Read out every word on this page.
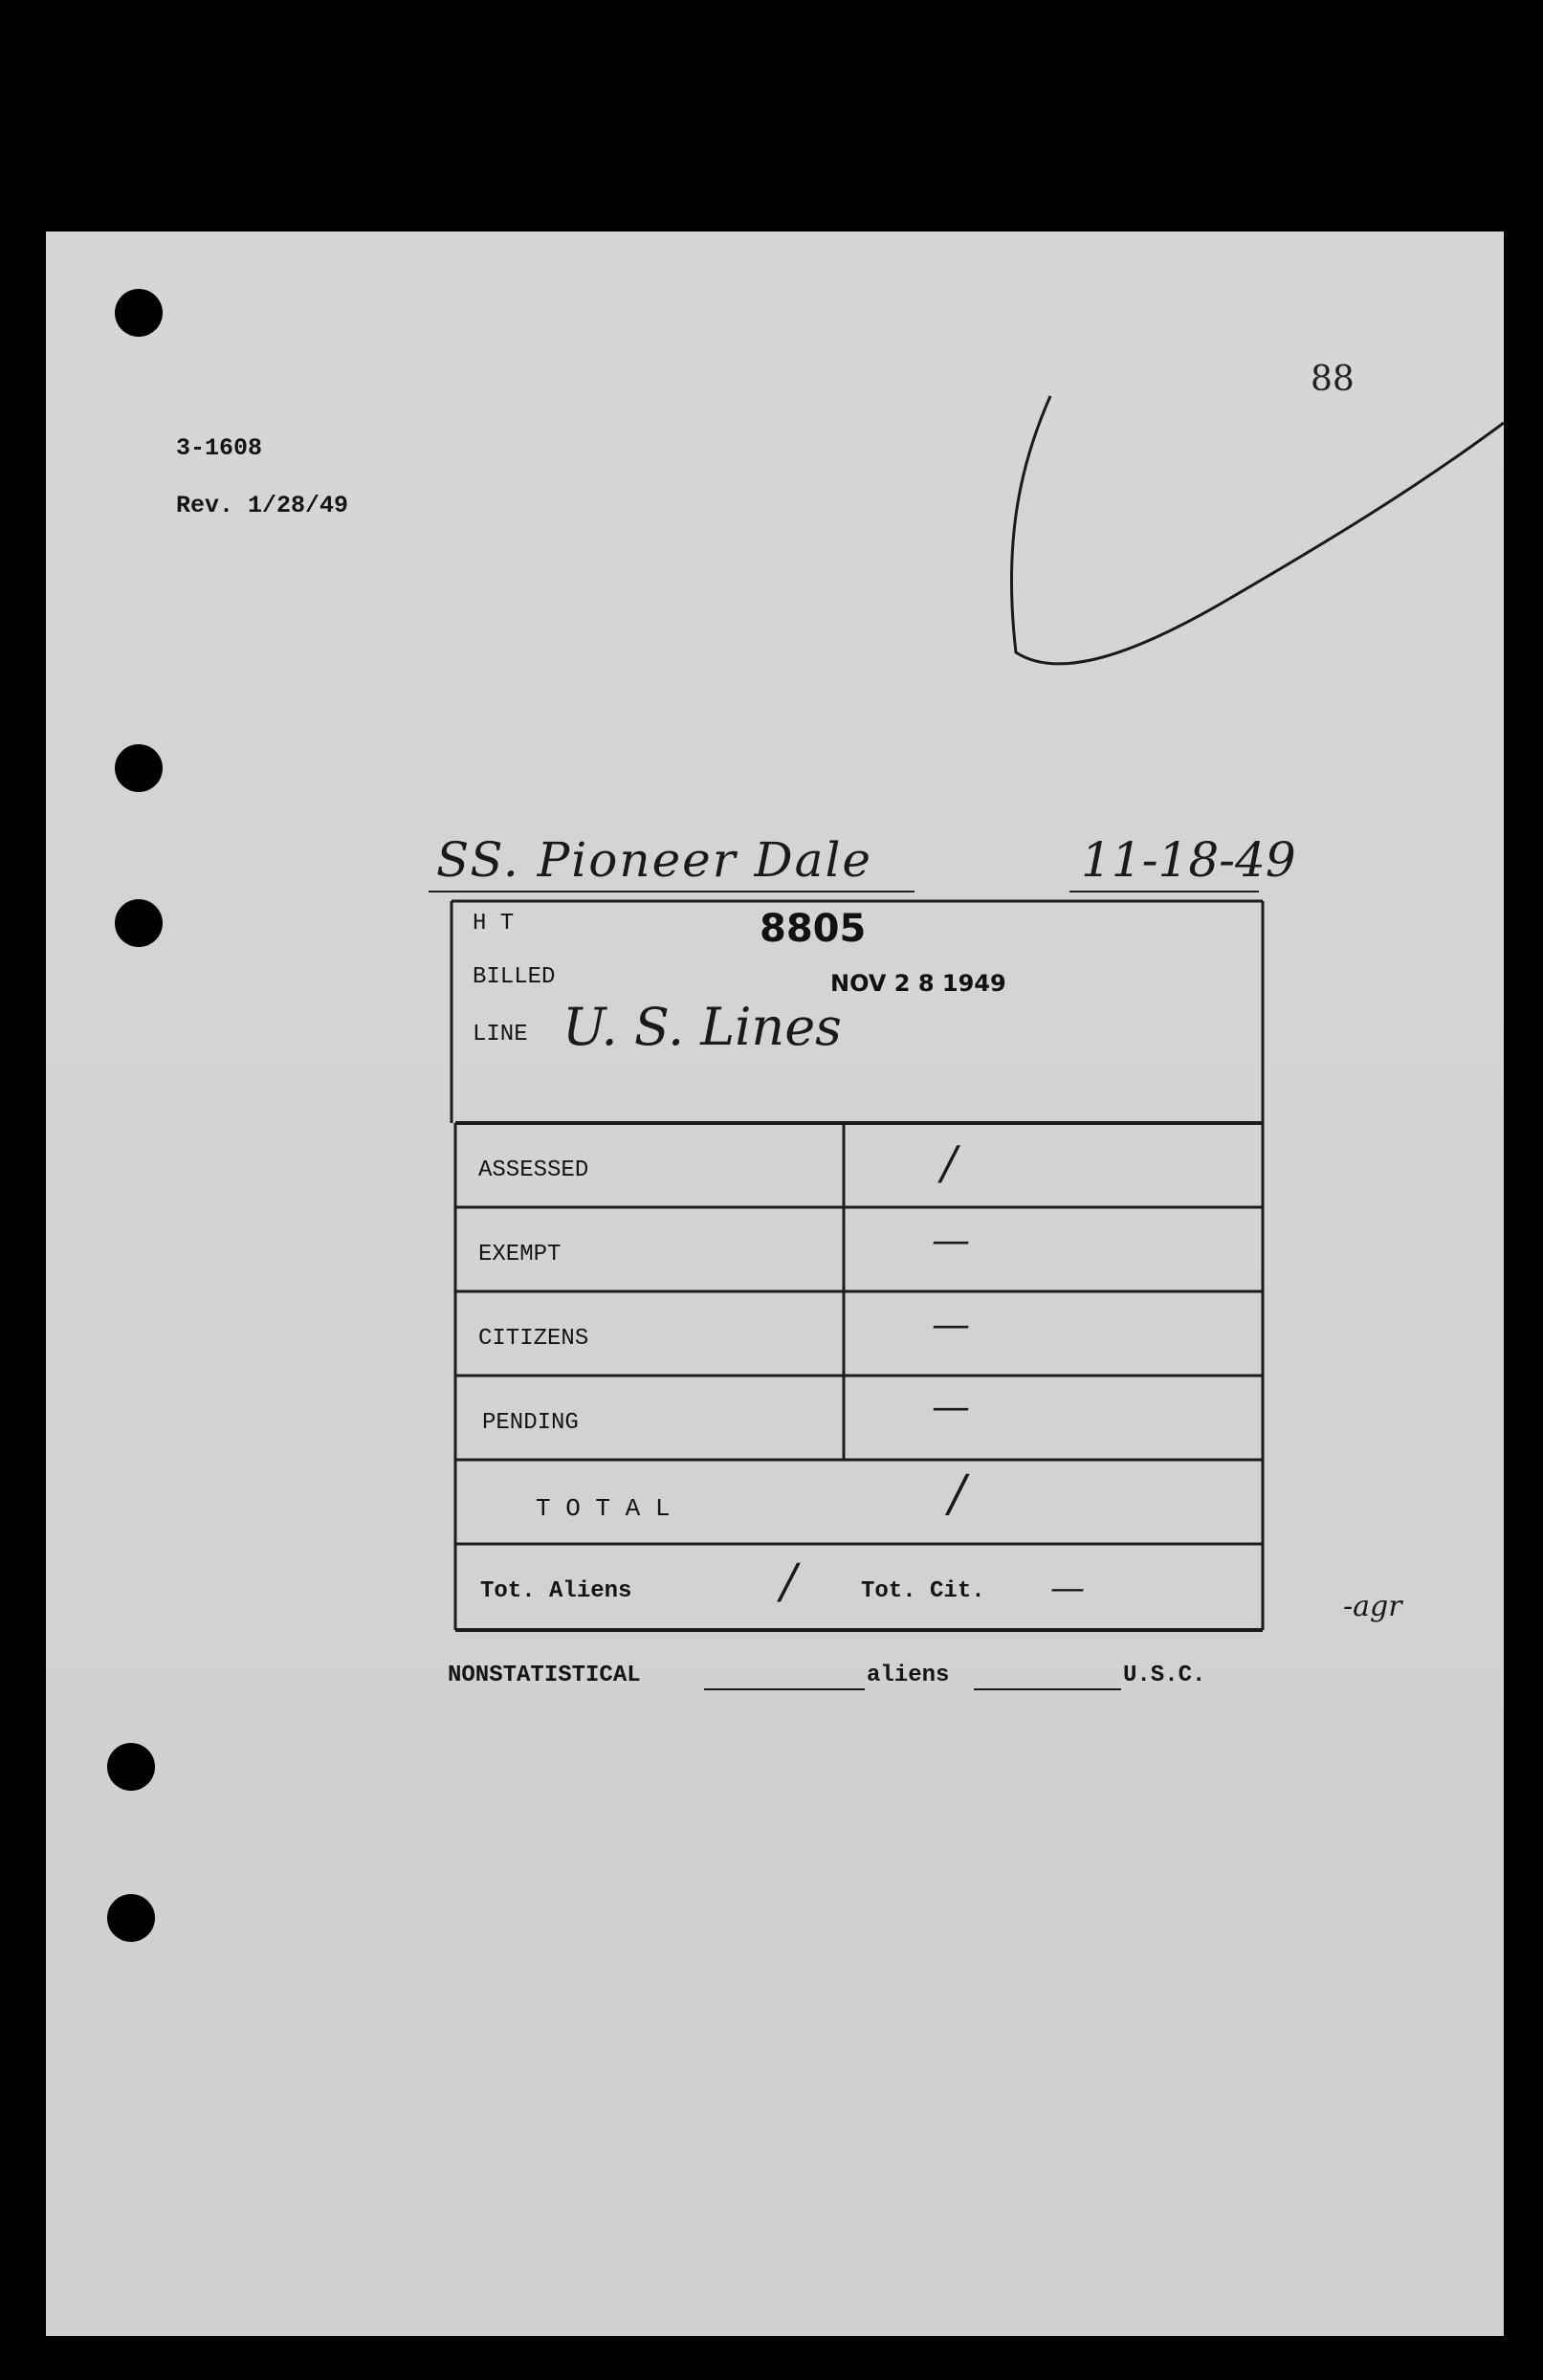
3-1608
Rev. 1/28/49
88
SS. Pioneer Dale	11-18-49
H T	8805
BILLED	NOV 2 8 1949
LINE U. S. Lines
ASSESSED	/
EXEMPT	—
CITIZENS	—
PENDING	—
T O T A L	/
Tot. Aliens	/	Tot. Cit. —
NONSTATISTICAL	aliens	U.S.C.
-agr
